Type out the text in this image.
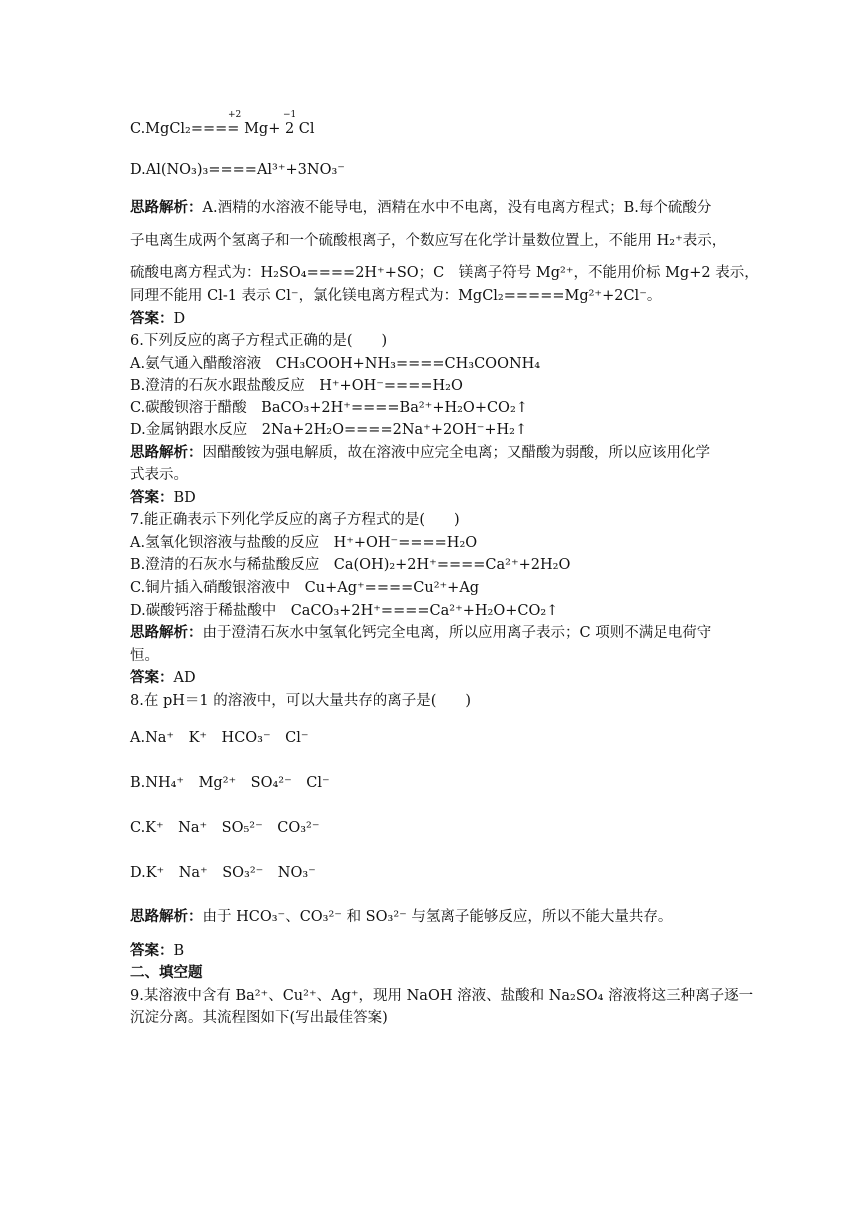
+2	−1
C.MgCl₂==== Mg+ 2 Cl
D.Al(NO₃)₃====Al³⁺+3NO₃⁻
思路解析：A.酒精的水溶液不能导电，酒精在水中不电离，没有电离方程式；B.每个硫酸分
子电离生成两个氢离子和一个硫酸根离子，个数应写在化学计量数位置上，不能用 H₂⁺表示，
硫酸电离方程式为：H₂SO₄====2H⁺+SO；C　镁离子符号 Mg²⁺，不能用价标 Mg+2 表示，
同理不能用 Cl-1 表示 Cl⁻，氯化镁电离方程式为：MgCl₂=====Mg²⁺+2Cl⁻。
答案：D
6.下列反应的离子方程式正确的是(　　)
A.氨气通入醋酸溶液　CH₃COOH+NH₃====CH₃COONH₄
B.澄清的石灰水跟盐酸反应　H⁺+OH⁻====H₂O
C.碳酸钡溶于醋酸　BaCO₃+2H⁺====Ba²⁺+H₂O+CO₂↑
D.金属钠跟水反应　2Na+2H₂O====2Na⁺+2OH⁻+H₂↑
思路解析：因醋酸铵为强电解质，故在溶液中应完全电离；又醋酸为弱酸，所以应该用化学
式表示。
答案：BD
7.能正确表示下列化学反应的离子方程式的是(　　)
A.氢氧化钡溶液与盐酸的反应　H⁺+OH⁻====H₂O
B.澄清的石灰水与稀盐酸反应　Ca(OH)₂+2H⁺====Ca²⁺+2H₂O
C.铜片插入硝酸银溶液中　Cu+Ag⁺====Cu²⁺+Ag
D.碳酸钙溶于稀盐酸中　CaCO₃+2H⁺====Ca²⁺+H₂O+CO₂↑
思路解析：由于澄清石灰水中氢氧化钙完全电离，所以应用离子表示；C 项则不满足电荷守
恒。
答案：AD
8.在 pH＝1 的溶液中，可以大量共存的离子是(　　)
A.Na⁺　K⁺　HCO₃⁻　Cl⁻
B.NH₄⁺　Mg²⁺　SO₄²⁻　Cl⁻
C.K⁺　Na⁺　SO₅²⁻　CO₃²⁻
D.K⁺　Na⁺　SO₃²⁻　NO₃⁻
思路解析：由于 HCO₃⁻、CO₃²⁻ 和 SO₃²⁻ 与氢离子能够反应，所以不能大量共存。
答案：B
二、填空题
9.某溶液中含有 Ba²⁺、Cu²⁺、Ag⁺，现用 NaOH 溶液、盐酸和 Na₂SO₄ 溶液将这三种离子逐一
沉淀分离。其流程图如下(写出最佳答案)
